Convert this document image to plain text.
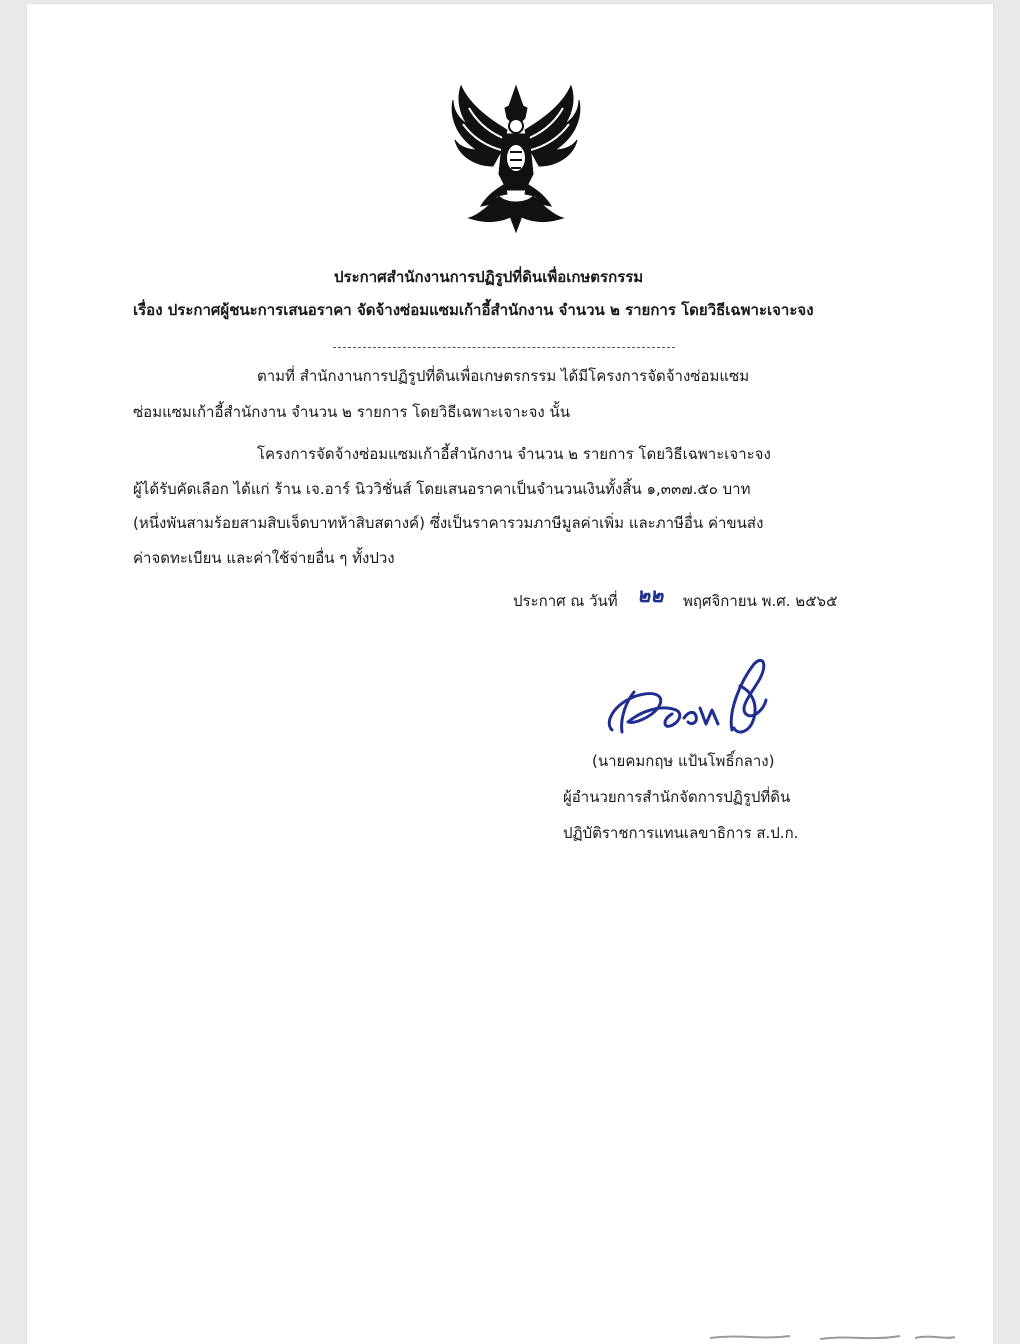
ประกาศสำนักงานการปฏิรูปที่ดินเพื่อเกษตรกรรม
เรื่อง ประกาศผู้ชนะการเสนอราคา จัดจ้างซ่อมแซมเก้าอี้สำนักงาน จำนวน ๒ รายการ โดยวิธีเฉพาะเจาะจง
ตามที่ สำนักงานการปฏิรูปที่ดินเพื่อเกษตรกรรม ได้มีโครงการจัดจ้างซ่อมแซม
ซ่อมแซมเก้าอี้สำนักงาน จำนวน ๒ รายการ โดยวิธีเฉพาะเจาะจง นั้น
โครงการจัดจ้างซ่อมแซมเก้าอี้สำนักงาน จำนวน ๒ รายการ โดยวิธีเฉพาะเจาะจง
ผู้ได้รับคัดเลือก ได้แก่ ร้าน เจ.อาร์ นิววิชั่นส์ โดยเสนอราคาเป็นจำนวนเงินทั้งสิ้น ๑,๓๓๗.๕๐ บาท
(หนึ่งพันสามร้อยสามสิบเจ็ดบาทห้าสิบสตางค์) ซึ่งเป็นราคารวมภาษีมูลค่าเพิ่ม และภาษีอื่น ค่าขนส่ง
ค่าจดทะเบียน และค่าใช้จ่ายอื่น ๆ ทั้งปวง
ประกาศ ณ วันที่ ๒๒ พฤศจิกายน พ.ศ. ๒๕๖๕
(นายคมกฤษ แป้นโพธิ์กลาง)
ผู้อำนวยการสำนักจัดการปฏิรูปที่ดิน
ปฏิบัติราชการแทนเลขาธิการ ส.ป.ก.
